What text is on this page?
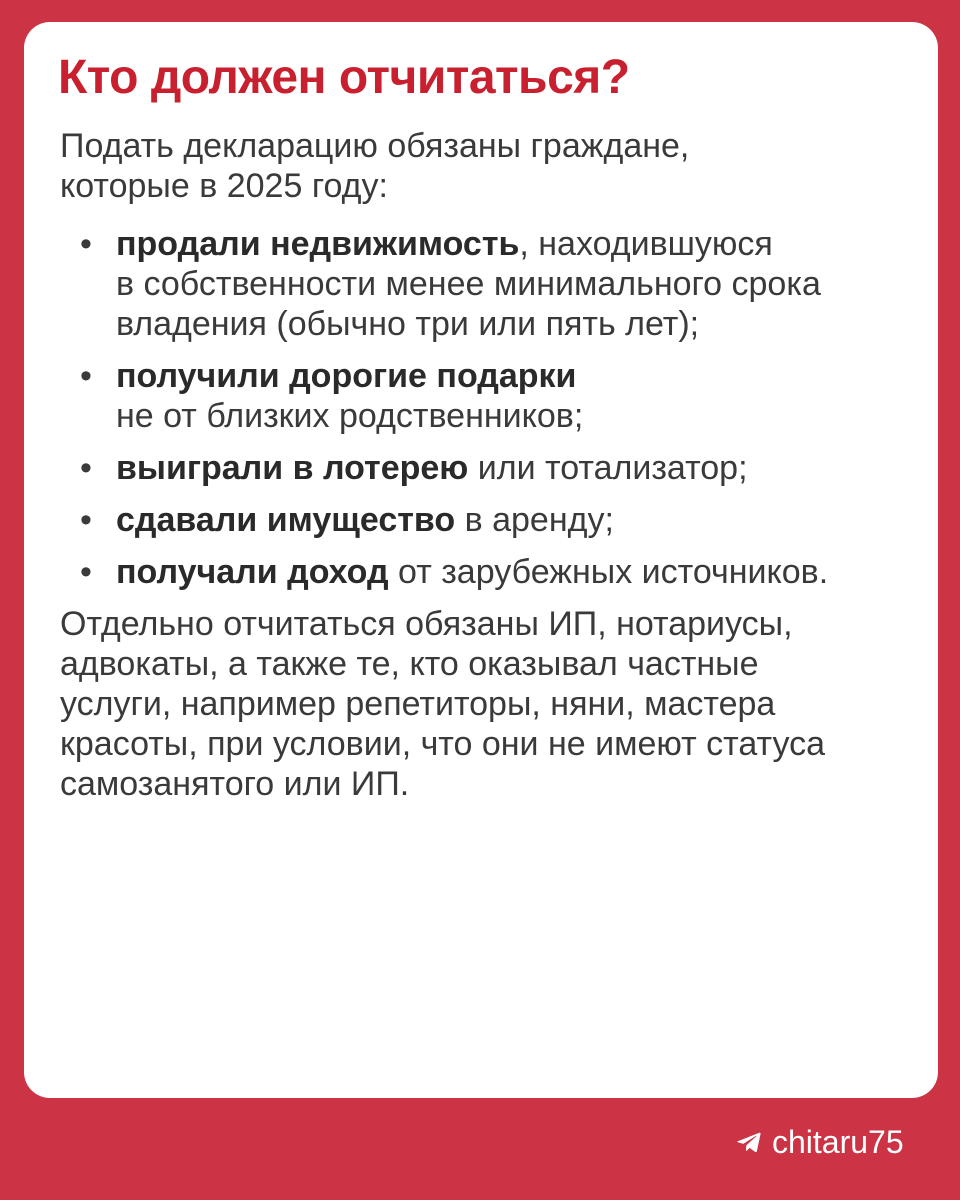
Кто должен отчитаться?

Подать декларацию обязаны граждане,
которые в 2025 году:

• продали недвижимость, находившуюся
в собственности менее минимального срока
владения (обычно три или пять лет);
• получили дорогие подарки
не от близких родственников;
• выиграли в лотерею или тотализатор;
• сдавали имущество в аренду;
• получали доход от зарубежных источников.

Отдельно отчитаться обязаны ИП, нотариусы,
адвокаты, а также те, кто оказывал частные
услуги, например репетиторы, няни, мастера
красоты, при условии, что они не имеют статуса
самозанятого или ИП.

chitaru75
